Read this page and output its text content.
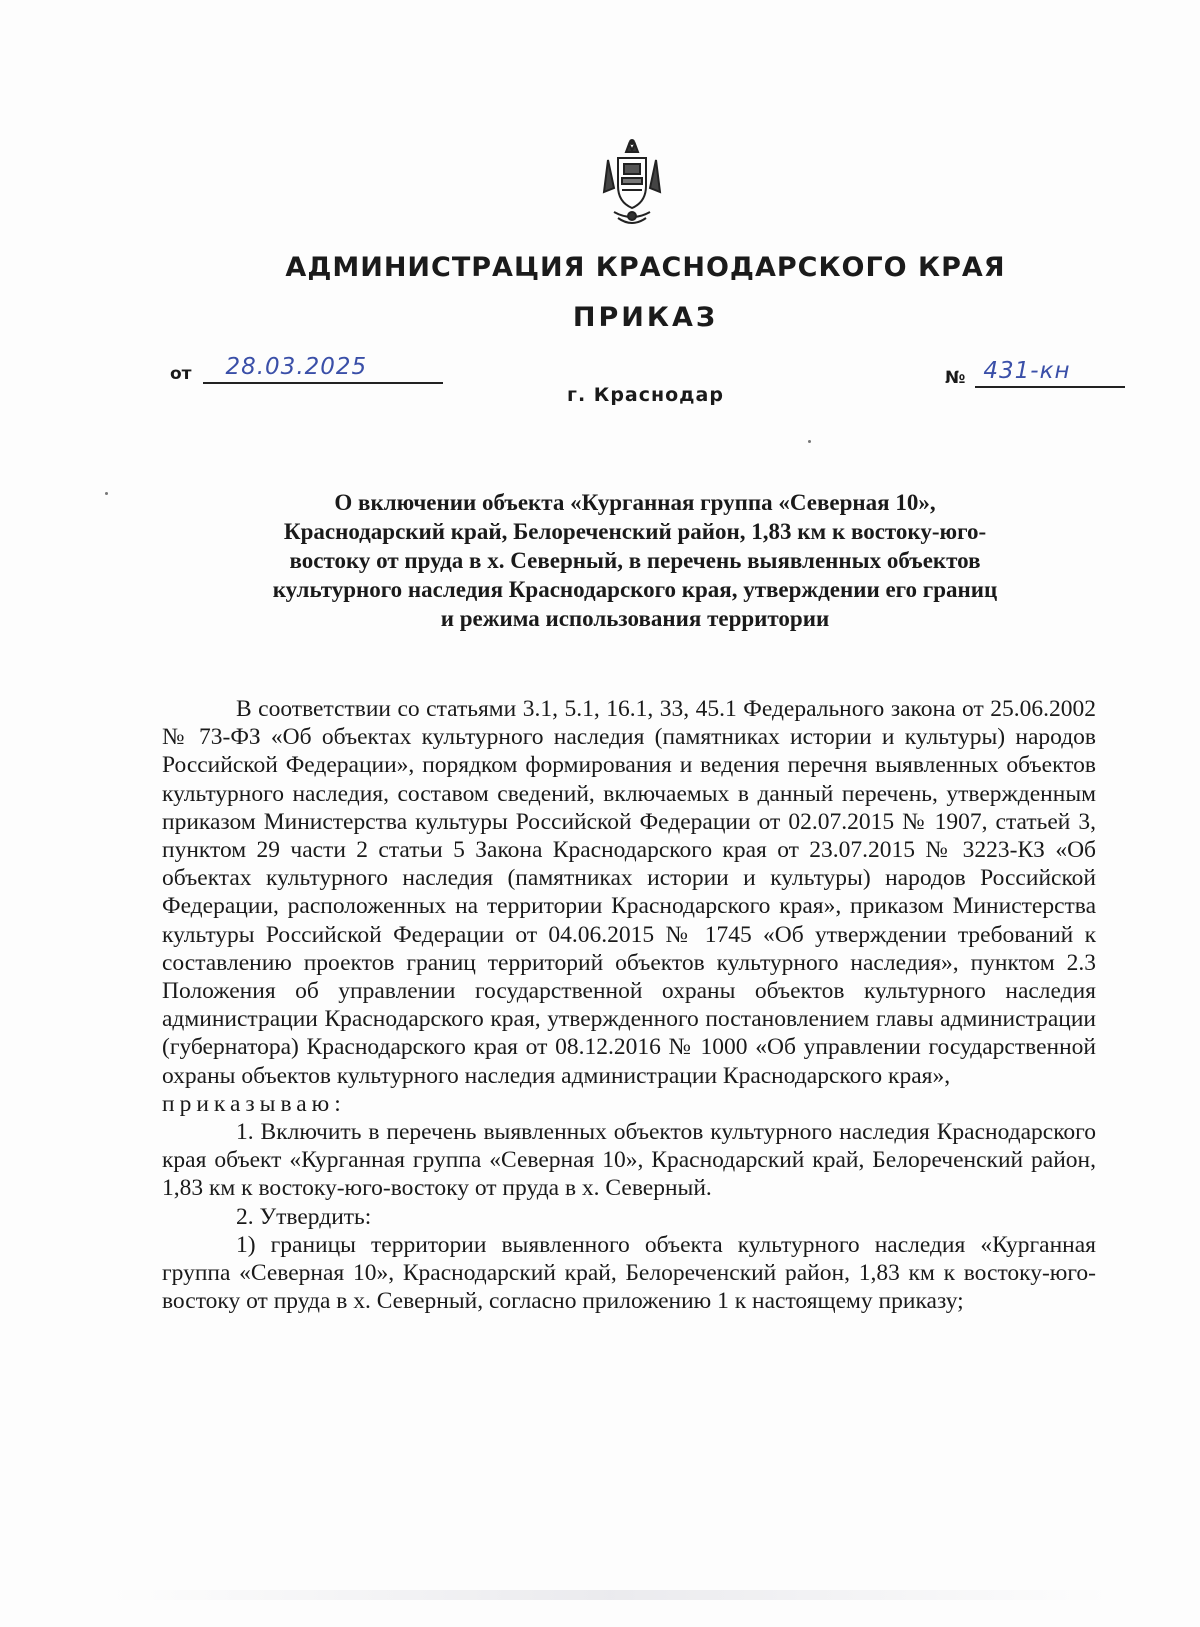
АДМИНИСТРАЦИЯ КРАСНОДАРСКОГО КРАЯ
ПРИКАЗ
от 28.03.2025	№ 431-кн
г. Краснодар
О включении объекта «Курганная группа «Северная 10»,
Краснодарский край, Белореченский район, 1,83 км к востоку-юго-
востоку от пруда в х. Северный, в перечень выявленных объектов
культурного наследия Краснодарского края, утверждении его границ
и режима использования территории

В соответствии со статьями 3.1, 5.1, 16.1, 33, 45.1 Федерального закона от 25.06.2002 № 73-ФЗ «Об объектах культурного наследия (памятниках истории и культуры) народов Российской Федерации», порядком формирования и ведения перечня выявленных объектов культурного наследия, составом сведений, включаемых в данный перечень, утвержденным приказом Министерства культуры Российской Федерации от 02.07.2015 № 1907, статьей 3, пунктом 29 части 2 статьи 5 Закона Краснодарского края от 23.07.2015 № 3223-КЗ «Об объектах культурного наследия (памятниках истории и культуры) народов Российской Федерации, расположенных на территории Краснодарского края», приказом Министерства культуры Российской Федерации от 04.06.2015 № 1745 «Об утверждении требований к составлению проектов границ территорий объектов культурного наследия», пунктом 2.3 Положения об управлении государственной охраны объектов культурного наследия администрации Краснодарского края, утвержденного постановлением главы администрации (губернатора) Краснодарского края от 08.12.2016 № 1000 «Об управлении государственной охраны объектов культурного наследия администрации Краснодарского края»,

приказываю:

1. Включить в перечень выявленных объектов культурного наследия Краснодарского края объект «Курганная группа «Северная 10», Краснодарский край, Белореченский район, 1,83 км к востоку-юго-востоку от пруда в х. Северный.

2. Утвердить:

1) границы территории выявленного объекта культурного наследия «Курганная группа «Северная 10», Краснодарский край, Белореченский район, 1,83 км к востоку-юго-востоку от пруда в х. Северный, согласно приложению 1 к настоящему приказу;
